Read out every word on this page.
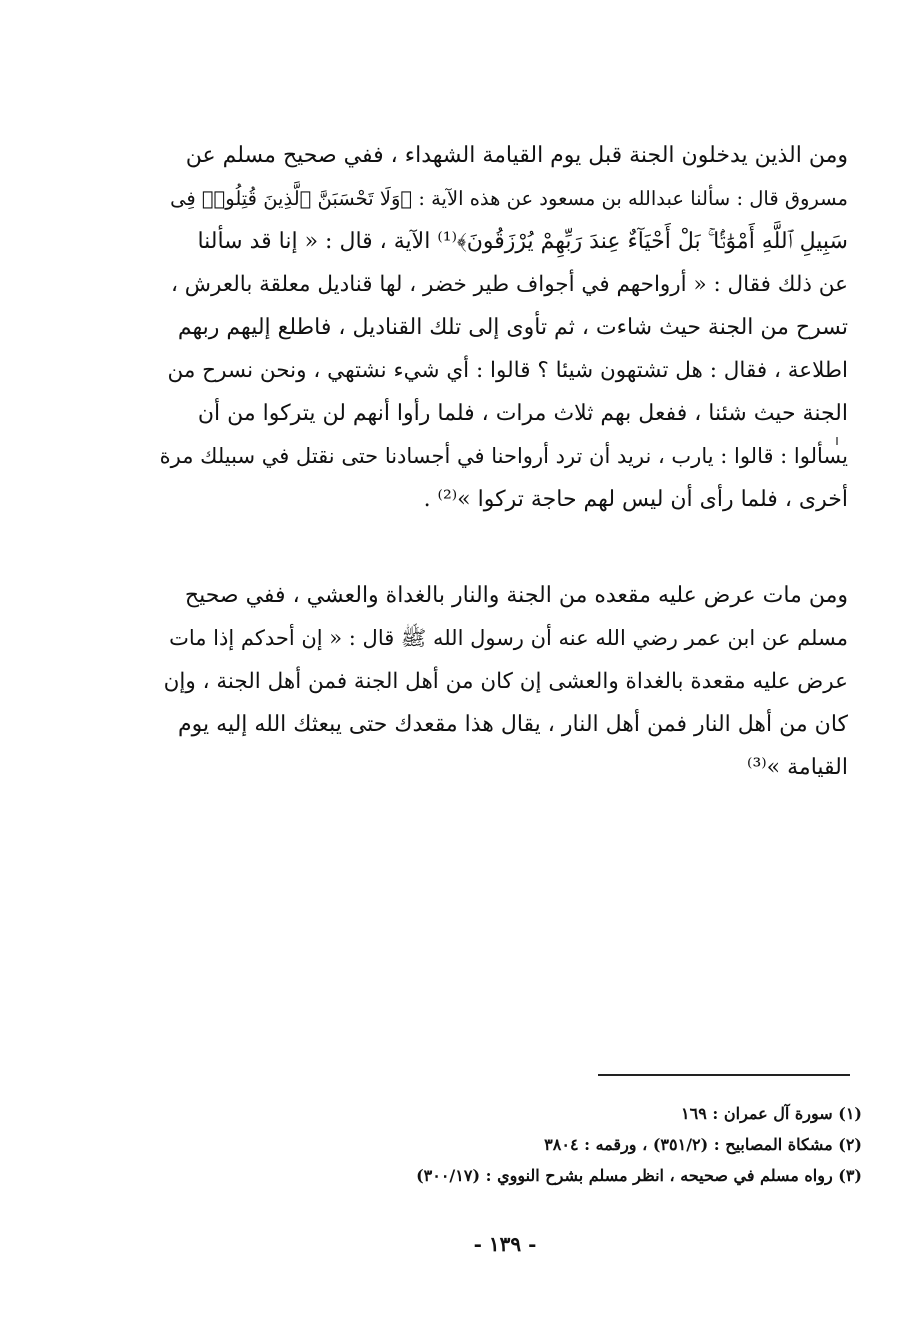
ومن الذين يدخلون الجنة قبل يوم القيامة الشهداء ، ففي صحيح مسلم عن
مسروق قال : سألنا عبدالله بن مسعود عن هذه الآية : ﴿وَلَا تَحْسَبَنَّ ٱلَّذِينَ قُتِلُوا۟ فِى
سَبِيلِ ٱللَّهِ أَمْوَٰتًۢا ۚ بَلْ أَحْيَآءٌ عِندَ رَبِّهِمْ يُرْزَقُونَ﴾⁽¹⁾ الآية ، قال : « إنا قد سألنا
عن ذلك فقال : « أرواحهم في أجواف طير خضر ، لها قناديل معلقة بالعرش ،
تسرح من الجنة حيث شاءت ، ثم تأوى إلى تلك القناديل ، فاطلع إليهم ربهم
اطلاعة ، فقال : هل تشتهون شيئا ؟ قالوا : أي شيء نشتهي ، ونحن نسرح من
الجنة حيث شئنا ، ففعل بهم ثلاث مرات ، فلما رأوا أنهم لن يتركوا من أن
يسألوا : قالوا : يارب ، نريد أن ترد أرواحنا في أجسادنا حتى نقتل في سبيلك مرة
أخرى ، فلما رأى أن ليس لهم حاجة تركوا »⁽²⁾ .
ومن مات عرض عليه مقعده من الجنة والنار بالغداة والعشي ، ففي صحيح
مسلم عن ابن عمر رضي الله عنه أن رسول الله ﷺ قال : « إن أحدكم إذا مات
عرض عليه مقعدة بالغداة والعشى إن كان من أهل الجنة فمن أهل الجنة ، وإن
كان من أهل النار فمن أهل النار ، يقال هذا مقعدك حتى يبعثك الله إليه يوم
القيامة »⁽³⁾
(١) سورة آل عمران : ١٦٩
(٢) مشكاة المصابيح : (٣٥١/٢) ، ورقمه : ٣٨٠٤
(٣) رواه مسلم في صحيحه ، انظر مسلم بشرح النووي : (٣٠٠/١٧)
- ١٣٩ -
